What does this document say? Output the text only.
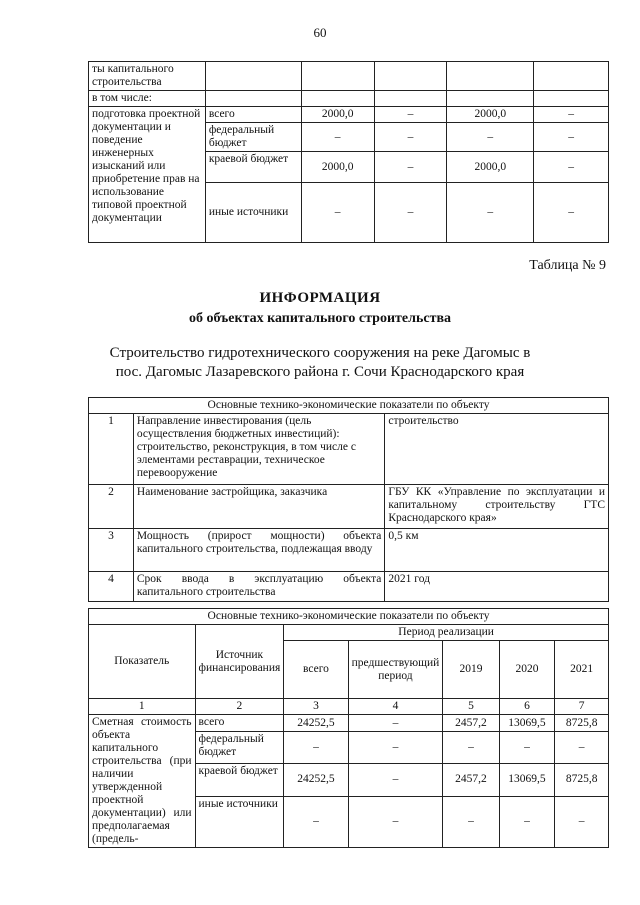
60
ты капитального строительства					
в том числе:					
подготовка проектной документации и поведение инженерных изысканий или приобретение прав на использование типовой проектной документации	всего	2000,0	–	2000,0	–
	федеральный бюджет	–	–	–	–
	краевой бюджет	2000,0	–	2000,0	–
	иные источники	–	–	–	–
Таблица № 9
ИНФОРМАЦИЯ
об объектах капитального строительства
Строительство гидротехнического сооружения на реке Дагомыс в
пос. Дагомыс Лазаревского района г. Сочи Краснодарского края
Основные технико-экономические показатели по объекту		
1	Направление инвестирования (цель осуществления бюджетных инвестиций): строительство, реконструкция, в том числе с элементами реставрации, техническое перевооружение	строительство
2	Наименование застройщика, заказчика	ГБУ КК «Управление по эксплуатации и капитальному строительству ГТС Краснодарского края»
3	Мощность (прирост мощности) объекта капитального строительства, подлежащая вводу	0,5 км
4	Срок ввода в эксплуатацию объекта капитального строительства	2021 год
Основные технико-экономические показатели по объекту						
Показатель	Источник финансирования	Период реализации				
		всего	предшествующий период	2019	2020	2021
1	2	3	4	5	6	7
Сметная стоимость объекта капитального строительства (при наличии утвержденной проектной документации) или предполагаемая (предель-	всего	24252,5	–	2457,2	13069,5	8725,8
	федеральный бюджет	–	–	–	–	–
	краевой бюджет	24252,5	–	2457,2	13069,5	8725,8
	иные источники	–	–	–	–	–
